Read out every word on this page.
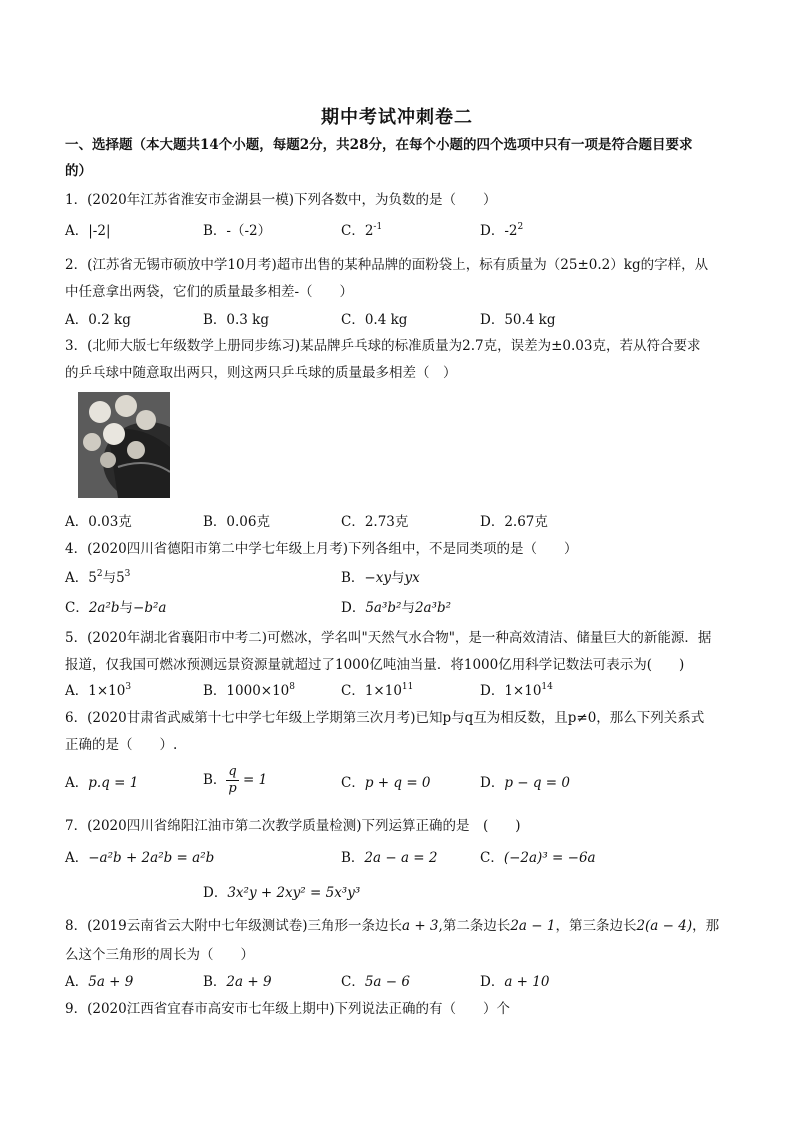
期中考试冲刺卷二
一、选择题（本大题共14个小题，每题2分，共28分，在每个小题的四个选项中只有一项是符合题目要求
的）
1．(2020年江苏省淮安市金湖县一模)下列各数中，为负数的是（　　）
A．|-2|	B．-（-2）	C．$2^{-1}$	D．$-2^2$
2．(江苏省无锡市硕放中学10月考)超市出售的某种品牌的面粉袋上，标有质量为（25±0.2）kg的字样，从
中任意拿出两袋，它们的质量最多相差-（　　）
A．0.2 kg	B．0.3 kg	C．0.4 kg	D．50.4 kg
3．(北师大版七年级数学上册同步练习)某品牌乒乓球的标准质量为2.7克，误差为±0.03克，若从符合要求
的乒乓球中随意取出两只，则这两只乒乓球的质量最多相差（　）
A．0.03克	B．0.06克	C．2.73克	D．2.67克
4．(2020四川省德阳市第二中学七年级上月考)下列各组中，不是同类项的是（　　）
A．$5^2$与$5^3$	B．−xy与yx
C．2a²b与−b²a	D．5a³b²与2a³b²
5．(2020年湖北省襄阳市中考二)可燃冰，学名叫"天然气水合物"，是一种高效清洁、储量巨大的新能源．据
报道，仅我国可燃冰预测远景资源量就超过了1000亿吨油当量．将1000亿用科学记数法可表示为(　　)
A．$1\times 10^3$	B．$1000\times 10^8$	C．$1\times 10^{11}$	D．$1\times 10^{14}$
6．(2020甘肃省武威第十七中学七年级上学期第三次月考)已知p与q互为相反数，且p≠0，那么下列关系式
正确的是（　　）.
A．p.q = 1	B． $\frac{q}{p} = 1$	C．p + q = 0	D．p − q = 0
7．(2020四川省绵阳江油市第二次教学质量检测)下列运算正确的是　(　　)
A．−a²b + 2a²b = a²b	B．2a − a = 2	C．(−2a)³ = −6a
D．3x²y + 2xy² = 5x³y³
8．(2019云南省云大附中七年级测试卷)三角形一条边长a + 3,第二条边长2a − 1，第三条边长2(a − 4)，那
么这个三角形的周长为（　　）
A．5a + 9	B．2a + 9	C．5a − 6	D．a + 10
9．(2020江西省宜春市高安市七年级上期中)下列说法正确的有（　　）个
